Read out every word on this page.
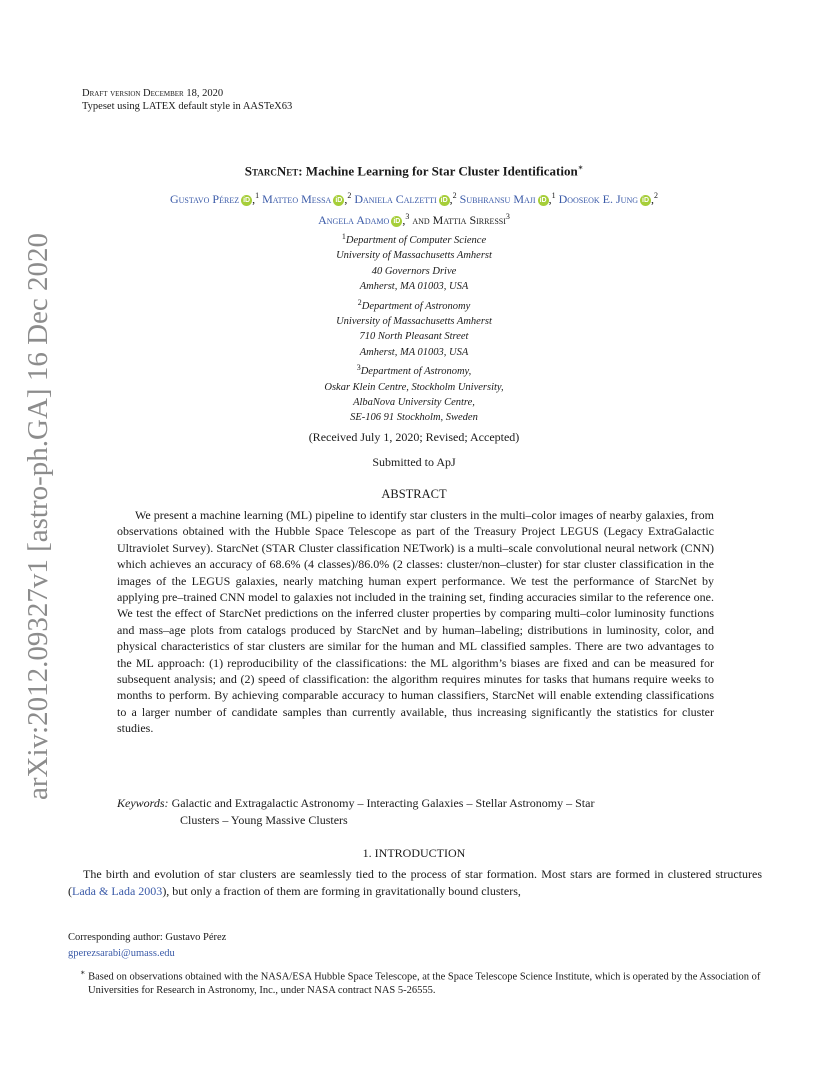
arXiv:2012.09327v1 [astro-ph.GA] 16 Dec 2020
Draft version December 18, 2020
Typeset using LATEX default style in AASTeX63
StarcNet: Machine Learning for Star Cluster Identification∗
Gustavo Pérez iD ,$^1$ Matteo Messa iD ,$^2$ Daniela Calzetti iD ,$^2$ Subhransu Maji iD ,$^1$ Dooseok E. Jung iD ,$^2$
Angela Adamo iD ,$^3$ and Mattia Sirressi$^3$
$^1$Department of Computer Science
University of Massachusetts Amherst
40 Governors Drive
Amherst, MA 01003, USA
$^2$Department of Astronomy
University of Massachusetts Amherst
710 North Pleasant Street
Amherst, MA 01003, USA
$^3$Department of Astronomy,
Oskar Klein Centre, Stockholm University,
AlbaNova University Centre,
SE-106 91 Stockholm, Sweden
(Received July 1, 2020; Revised; Accepted)
Submitted to ApJ
ABSTRACT
We present a machine learning (ML) pipeline to identify star clusters in the multi–color images of nearby galaxies, from observations obtained with the Hubble Space Telescope as part of the Treasury Project LEGUS (Legacy ExtraGalactic Ultraviolet Survey). StarcNet (STAR Cluster classification NETwork) is a multi–scale convolutional neural network (CNN) which achieves an accuracy of 68.6% (4 classes)/86.0% (2 classes: cluster/non–cluster) for star cluster classification in the images of the LEGUS galaxies, nearly matching human expert performance. We test the performance of StarcNet by applying pre–trained CNN model to galaxies not included in the training set, finding accuracies similar to the reference one. We test the effect of StarcNet predictions on the inferred cluster properties by comparing multi–color luminosity functions and mass–age plots from catalogs produced by StarcNet and by human–labeling; distributions in luminosity, color, and physical characteristics of star clusters are similar for the human and ML classified samples. There are two advantages to the ML approach: (1) reproducibility of the classifications: the ML algorithm’s biases are fixed and can be measured for subsequent analysis; and (2) speed of classification: the algorithm requires minutes for tasks that humans require weeks to months to perform. By achieving comparable accuracy to human classifiers, StarcNet will enable extending classifications to a larger number of candidate samples than currently available, thus increasing significantly the statistics for cluster studies.
Keywords: Galactic and Extragalactic Astronomy – Interacting Galaxies – Stellar Astronomy – Star
Clusters – Young Massive Clusters
1. INTRODUCTION
The birth and evolution of star clusters are seamlessly tied to the process of star formation. Most stars are formed in clustered structures (Lada & Lada 2003), but only a fraction of them are forming in gravitationally bound clusters,
Corresponding author: Gustavo Pérez
gperezsarabi@umass.edu
∗ Based on observations obtained with the NASA/ESA Hubble Space Telescope, at the Space Telescope Science Institute, which is operated by the Association of Universities for Research in Astronomy, Inc., under NASA contract NAS 5-26555.
